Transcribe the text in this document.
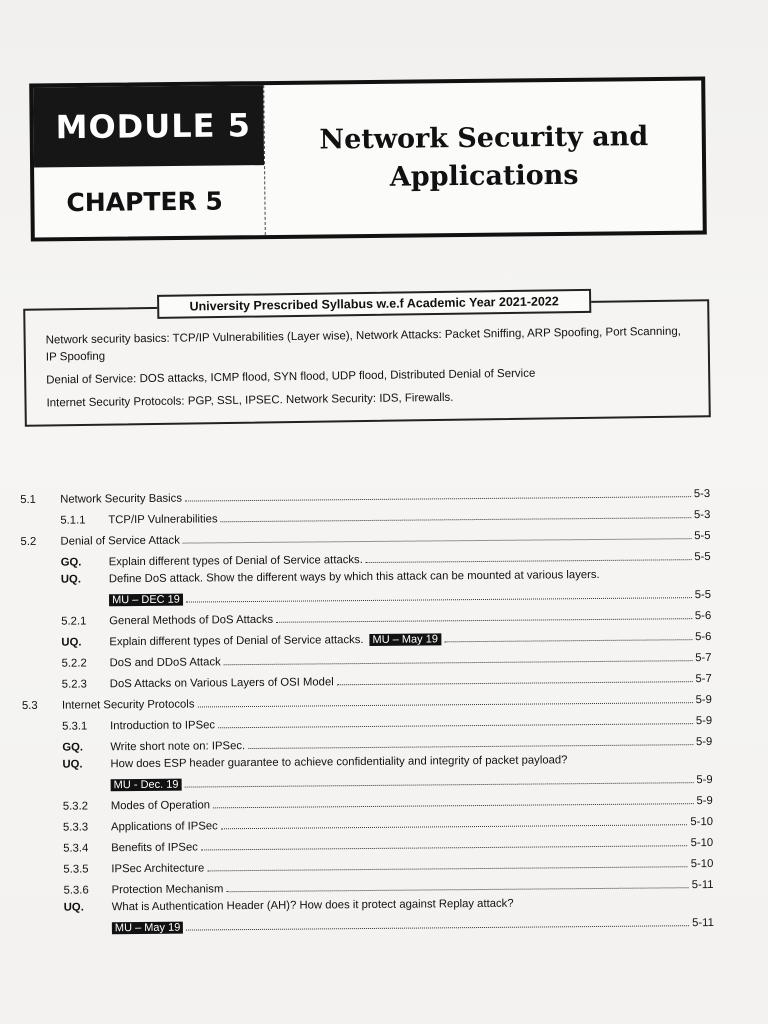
MODULE 5
CHAPTER 5
Network Security and
Applications
University Prescribed Syllabus w.e.f Academic Year 2021-2022

Network security basics: TCP/IP Vulnerabilities (Layer wise), Network Attacks: Packet Sniffing, ARP Spoofing, Port Scanning, IP Spoofing

Denial of Service: DOS attacks, ICMP flood, SYN flood, UDP flood, Distributed Denial of Service

Internet Security Protocols: PGP, SSL, IPSEC. Network Security: IDS, Firewalls.

5.1 Network Security Basics	5-3
5.1.1 TCP/IP Vulnerabilities	5-3
5.2 Denial of Service Attack	5-5
GQ. Explain different types of Denial of Service attacks.	5-5
UQ. Define DoS attack. Show the different ways by which this attack can be mounted at various layers.
MU – DEC 19	5-5
5.2.1 General Methods of DoS Attacks	5-6
UQ. Explain different types of Denial of Service attacks. MU – May 19	5-6
5.2.2 DoS and DDoS Attack	5-7
5.2.3 DoS Attacks on Various Layers of OSI Model	5-7
5.3 Internet Security Protocols	5-9
5.3.1 Introduction to IPSec	5-9
GQ. Write short note on: IPSec.	5-9
UQ. How does ESP header guarantee to achieve confidentiality and integrity of packet payload?
MU - Dec. 19	5-9
5.3.2 Modes of Operation	5-9
5.3.3 Applications of IPSec	5-10
5.3.4 Benefits of IPSec	5-10
5.3.5 IPSec Architecture	5-10
5.3.6 Protection Mechanism	5-11
UQ. What is Authentication Header (AH)? How does it protect against Replay attack?
MU – May 19	5-11
